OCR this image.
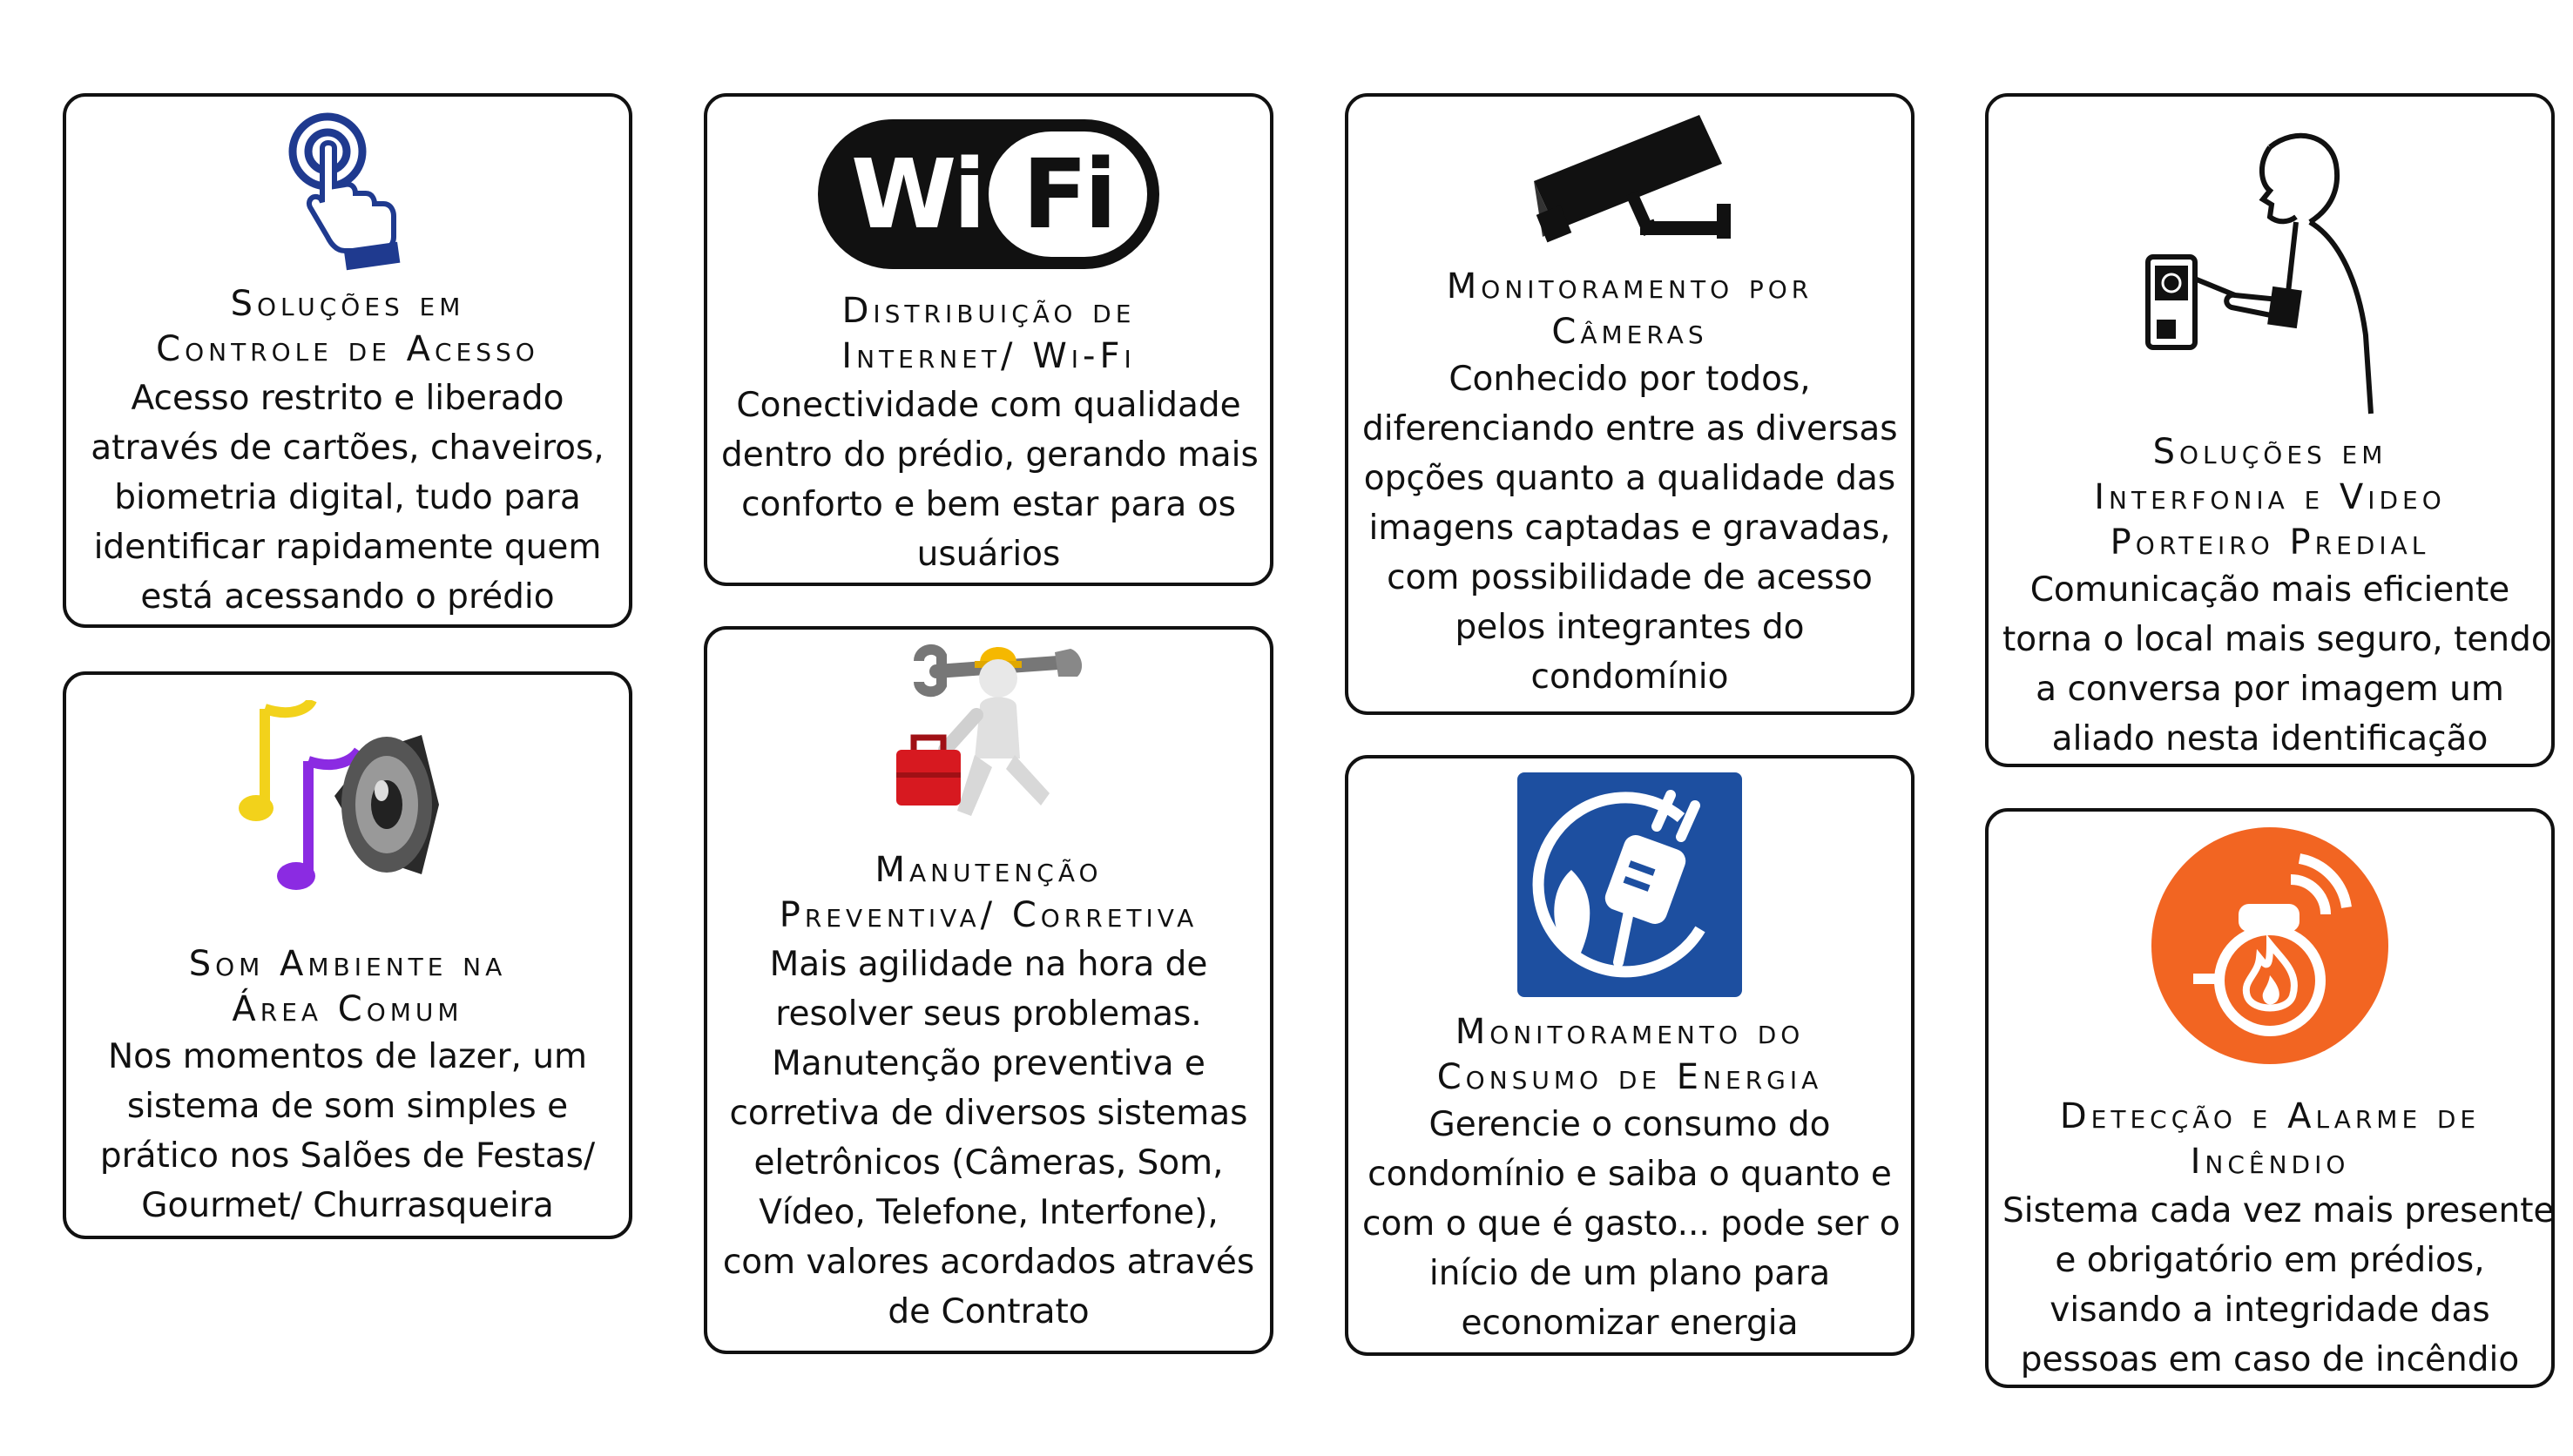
Soluções em
Controle de Acesso
Acesso restrito e liberado
através de cartões, chaveiros,
biometria digital, tudo para
identificar rapidamente quem
está acessando o prédio
Som Ambiente na
Área Comum
Nos momentos de lazer, um
sistema de som simples e
prático nos Salões de Festas/
Gourmet/ Churrasqueira
Wi Fi
Distribuição de
Internet/ Wi-Fi
Conectividade com qualidade
dentro do prédio, gerando mais
conforto e bem estar para os
usuários
Manutenção
Preventiva/ Corretiva
Mais agilidade na hora de
resolver seus problemas.
Manutenção preventiva e
corretiva de diversos sistemas
eletrônicos (Câmeras, Som,
Vídeo, Telefone, Interfone),
com valores acordados através
de Contrato
Monitoramento por
Câmeras
Conhecido por todos,
diferenciando entre as diversas
opções quanto a qualidade das
imagens captadas e gravadas,
com possibilidade de acesso
pelos integrantes do
condomínio
Monitoramento do
Consumo de Energia
Gerencie o consumo do
condomínio e saiba o quanto e
com o que é gasto... pode ser o
início de um plano para
economizar energia
Soluções em
Interfonia e Video
Porteiro Predial
Comunicação mais eficiente
torna o local mais seguro, tendo
a conversa por imagem um
aliado nesta identificação
Detecção e Alarme de
Incêndio
Sistema cada vez mais presente
e obrigatório em prédios,
visando a integridade das
pessoas em caso de incêndio
